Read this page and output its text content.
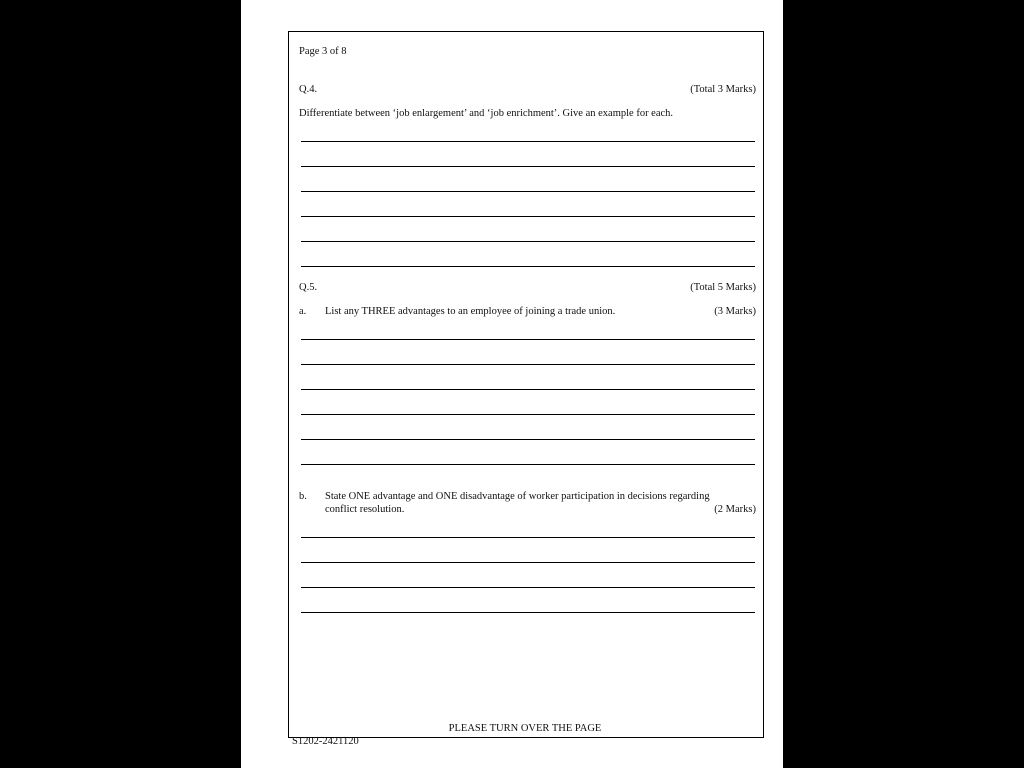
Page 3 of 8
Q.4.	(Total 3 Marks)
Differentiate between ‘job enlargement’ and ‘job enrichment’. Give an example for each.
Q.5.	(Total 5 Marks)
a. List any THREE advantages to an employee of joining a trade union.	(3 Marks)
b. State ONE advantage and ONE disadvantage of worker participation in decisions regarding
conflict resolution.	(2 Marks)
PLEASE TURN OVER THE PAGE
S1202-2421120
